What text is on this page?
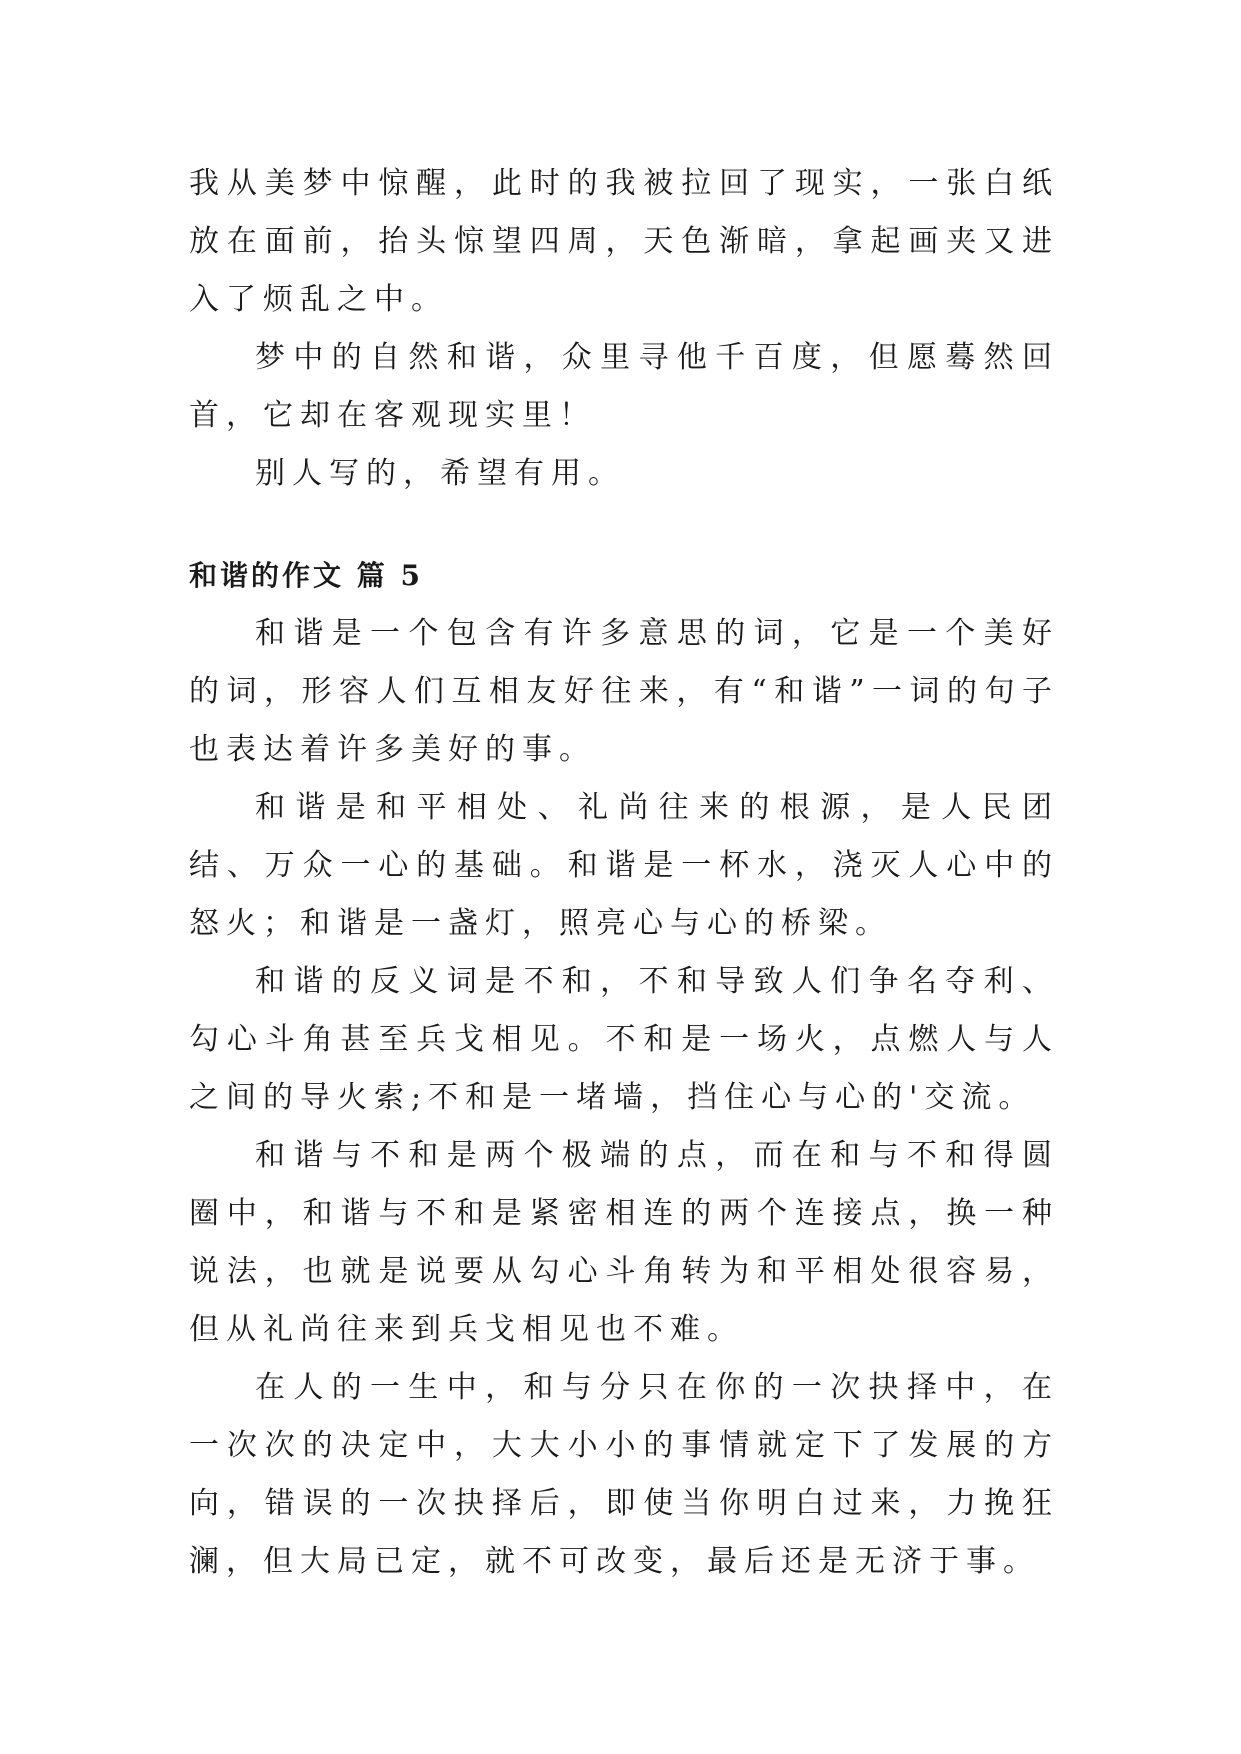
我从美梦中惊醒，此时的我被拉回了现实，一张白纸放在面前，抬头惊望四周，天色渐暗，拿起画夹又进入了烦乱之中。

梦中的自然和谐，众里寻他千百度，但愿蓦然回首，它却在客观现实里！

别人写的，希望有用。

和谐的作文 篇 5

和谐是一个包含有许多意思的词，它是一个美好的词，形容人们互相友好往来，有“和谐”一词的句子也表达着许多美好的事。

和谐是和平相处、礼尚往来的根源，是人民团结、万众一心的基础。和谐是一杯水，浇灭人心中的怒火；和谐是一盏灯，照亮心与心的桥梁。

和谐的反义词是不和，不和导致人们争名夺利、勾心斗角甚至兵戈相见。不和是一场火，点燃人与人之间的导火索;不和是一堵墙，挡住心与心的'交流。

和谐与不和是两个极端的点，而在和与不和得圆圈中，和谐与不和是紧密相连的两个连接点，换一种说法，也就是说要从勾心斗角转为和平相处很容易，但从礼尚往来到兵戈相见也不难。

在人的一生中，和与分只在你的一次抉择中，在一次次的决定中，大大小小的事情就定下了发展的方向，错误的一次抉择后，即使当你明白过来，力挽狂澜，但大局已定，就不可改变，最后还是无济于事。
